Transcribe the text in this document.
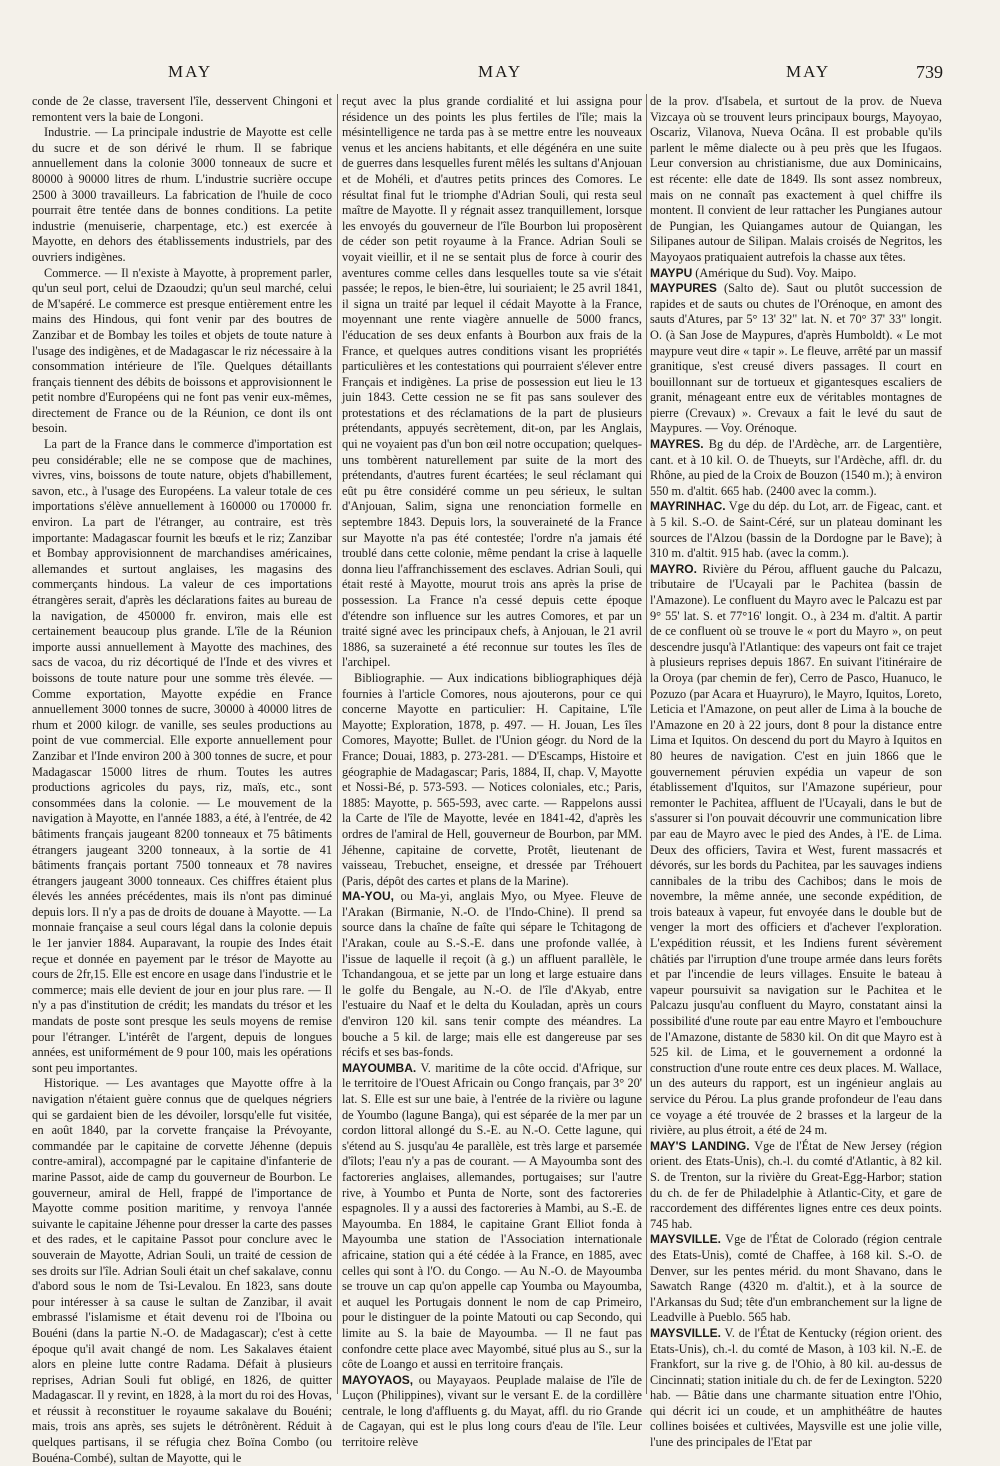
MAY	MAY	MAY	739

conde de 2e classe, traversent l'île, desservent Chingoni et remontent vers la baie de Longoni.

Industrie. — La principale industrie de Mayotte est celle du sucre et de son dérivé le rhum. Il se fabrique annuellement dans la colonie 3000 tonneaux de sucre et 80000 à 90000 litres de rhum. L'industrie sucrière occupe 2500 à 3000 travailleurs. La fabrication de l'huile de coco pourrait être tentée dans de bonnes conditions. La petite industrie (menuiserie, charpentage, etc.) est exercée à Mayotte, en dehors des établissements industriels, par des ouvriers indigènes.

Commerce. — Il n'existe à Mayotte, à proprement parler, qu'un seul port, celui de Dzaoudzi; qu'un seul marché, celui de M'sapéré. Le commerce est presque entièrement entre les mains des Hindous, qui font venir par des boutres de Zanzibar et de Bombay les toiles et objets de toute nature à l'usage des indigènes, et de Madagascar le riz nécessaire à la consommation intérieure de l'île. Quelques détaillants français tiennent des débits de boissons et approvisionnent le petit nombre d'Européens qui ne font pas venir eux-mêmes, directement de France ou de la Réunion, ce dont ils ont besoin.

La part de la France dans le commerce d'importation est peu considérable; elle ne se compose que de machines, vivres, vins, boissons de toute nature, objets d'habillement, savon, etc., à l'usage des Européens. La valeur totale de ces importations s'élève annuellement à 160000 ou 170000 fr. environ. La part de l'étranger, au contraire, est très importante: Madagascar fournit les bœufs et le riz; Zanzibar et Bombay approvisionnent de marchandises américaines, allemandes et surtout anglaises, les magasins des commerçants hindous. La valeur de ces importations étrangères serait, d'après les déclarations faites au bureau de la navigation, de 450000 fr. environ, mais elle est certainement beaucoup plus grande. L'île de la Réunion importe aussi annuellement à Mayotte des machines, des sacs de vacoa, du riz décortiqué de l'Inde et des vivres et boissons de toute nature pour une somme très élevée. — Comme exportation, Mayotte expédie en France annuellement 3000 tonnes de sucre, 30000 à 40000 litres de rhum et 2000 kilogr. de vanille, ses seules productions au point de vue commercial. Elle exporte annuellement pour Zanzibar et l'Inde environ 200 à 300 tonnes de sucre, et pour Madagascar 15000 litres de rhum. Toutes les autres productions agricoles du pays, riz, maïs, etc., sont consommées dans la colonie. — Le mouvement de la navigation à Mayotte, en l'année 1883, a été, à l'entrée, de 42 bâtiments français jaugeant 8200 tonneaux et 75 bâtiments étrangers jaugeant 3200 tonneaux, à la sortie de 41 bâtiments français portant 7500 tonneaux et 78 navires étrangers jaugeant 3000 tonneaux. Ces chiffres étaient plus élevés les années précédentes, mais ils n'ont pas diminué depuis lors. Il n'y a pas de droits de douane à Mayotte. — La monnaie française a seul cours légal dans la colonie depuis le 1er janvier 1884. Auparavant, la roupie des Indes était reçue et donnée en payement par le trésor de Mayotte au cours de 2fr,15. Elle est encore en usage dans l'industrie et le commerce; mais elle devient de jour en jour plus rare. — Il n'y a pas d'institution de crédit; les mandats du trésor et les mandats de poste sont presque les seuls moyens de remise pour l'étranger. L'intérêt de l'argent, depuis de longues années, est uniformément de 9 pour 100, mais les opérations sont peu importantes.

Historique. — Les avantages que Mayotte offre à la navigation n'étaient guère connus que de quelques négriers qui se gardaient bien de les dévoiler, lorsqu'elle fut visitée, en août 1840, par la corvette française la Prévoyante, commandée par le capitaine de corvette Jéhenne (depuis contre-amiral), accompagné par le capitaine d'infanterie de marine Passot, aide de camp du gouverneur de Bourbon. Le gouverneur, amiral de Hell, frappé de l'importance de Mayotte comme position maritime, y renvoya l'année suivante le capitaine Jéhenne pour dresser la carte des passes et des rades, et le capitaine Passot pour conclure avec le souverain de Mayotte, Adrian Souli, un traité de cession de ses droits sur l'île. Adrian Souli était un chef sakalave, connu d'abord sous le nom de Tsi-Levalou. En 1823, sans doute pour intéresser à sa cause le sultan de Zanzibar, il avait embrassé l'islamisme et était devenu roi de l'Iboina ou Bouéni (dans la partie N.-O. de Madagascar); c'est à cette époque qu'il avait changé de nom. Les Sakalaves étaient alors en pleine lutte contre Radama. Défait à plusieurs reprises, Adrian Souli fut obligé, en 1826, de quitter Madagascar. Il y revint, en 1828, à la mort du roi des Hovas, et réussit à reconstituer le royaume sakalave du Bouéni; mais, trois ans après, ses sujets le détrônèrent. Réduit à quelques partisans, il se réfugia chez Boïna Combo (ou Bouéna-Combé), sultan de Mayotte, qui le

reçut avec la plus grande cordialité et lui assigna pour résidence un des points les plus fertiles de l'île; mais la mésintelligence ne tarda pas à se mettre entre les nouveaux venus et les anciens habitants, et elle dégénéra en une suite de guerres dans lesquelles furent mêlés les sultans d'Anjouan et de Mohéli, et d'autres petits princes des Comores. Le résultat final fut le triomphe d'Adrian Souli, qui resta seul maître de Mayotte. Il y régnait assez tranquillement, lorsque les envoyés du gouverneur de l'île Bourbon lui proposèrent de céder son petit royaume à la France. Adrian Souli se voyait vieillir, et il ne se sentait plus de force à courir des aventures comme celles dans lesquelles toute sa vie s'était passée; le repos, le bien-être, lui souriaient; le 25 avril 1841, il signa un traité par lequel il cédait Mayotte à la France, moyennant une rente viagère annuelle de 5000 francs, l'éducation de ses deux enfants à Bourbon aux frais de la France, et quelques autres conditions visant les propriétés particulières et les contestations qui pourraient s'élever entre Français et indigènes. La prise de possession eut lieu le 13 juin 1843. Cette cession ne se fit pas sans soulever des protestations et des réclamations de la part de plusieurs prétendants, appuyés secrètement, dit-on, par les Anglais, qui ne voyaient pas d'un bon œil notre occupation; quelques-uns tombèrent naturellement par suite de la mort des prétendants, d'autres furent écartées; le seul réclamant qui eût pu être considéré comme un peu sérieux, le sultan d'Anjouan, Salim, signa une renonciation formelle en septembre 1843. Depuis lors, la souveraineté de la France sur Mayotte n'a pas été contestée; l'ordre n'a jamais été troublé dans cette colonie, même pendant la crise à laquelle donna lieu l'affranchissement des esclaves. Adrian Souli, qui était resté à Mayotte, mourut trois ans après la prise de possession. La France n'a cessé depuis cette époque d'étendre son influence sur les autres Comores, et par un traité signé avec les principaux chefs, à Anjouan, le 21 avril 1886, sa suzeraineté a été reconnue sur toutes les îles de l'archipel.

Bibliographie. — Aux indications bibliographiques déjà fournies à l'article Comores, nous ajouterons, pour ce qui concerne Mayotte en particulier: H. Capitaine, L'île Mayotte; Exploration, 1878, p. 497. — H. Jouan, Les îles Comores, Mayotte; Bullet. de l'Union géogr. du Nord de la France; Douai, 1883, p. 273-281. — D'Escamps, Histoire et géographie de Madagascar; Paris, 1884, II, chap. V, Mayotte et Nossi-Bé, p. 573-593. — Notices coloniales, etc.; Paris, 1885: Mayotte, p. 565-593, avec carte. — Rappelons aussi la Carte de l'île de Mayotte, levée en 1841-42, d'après les ordres de l'amiral de Hell, gouverneur de Bourbon, par MM. Jéhenne, capitaine de corvette, Protêt, lieutenant de vaisseau, Trebuchet, enseigne, et dressée par Tréhouert (Paris, dépôt des cartes et plans de la Marine).

MA-YOU, ou Ma-yi, anglais Myo, ou Myee. Fleuve de l'Arakan (Birmanie, N.-O. de l'Indo-Chine). Il prend sa source dans la chaîne de faîte qui sépare le Tchitagong de l'Arakan, coule au S.-S.-E. dans une profonde vallée, à l'issue de laquelle il reçoit (à g.) un affluent parallèle, le Tchandangoua, et se jette par un long et large estuaire dans le golfe du Bengale, au N.-O. de l'île d'Akyab, entre l'estuaire du Naaf et le delta du Kouladan, après un cours d'environ 120 kil. sans tenir compte des méandres. La bouche a 5 kil. de large; mais elle est dangereuse par ses récifs et ses bas-fonds.

MAYOUMBA. V. maritime de la côte occid. d'Afrique, sur le territoire de l'Ouest Africain ou Congo français, par 3° 20' lat. S. Elle est sur une baie, à l'entrée de la rivière ou lagune de Youmbo (lagune Banga), qui est séparée de la mer par un cordon littoral allongé du S.-E. au N.-O. Cette lagune, qui s'étend au S. jusqu'au 4e parallèle, est très large et parsemée d'îlots; l'eau n'y a pas de courant. — A Mayoumba sont des factoreries anglaises, allemandes, portugaises; sur l'autre rive, à Youmbo et Punta de Norte, sont des factoreries espagnoles. Il y a aussi des factoreries à Mambi, au S.-E. de Mayoumba. En 1884, le capitaine Grant Elliot fonda à Mayoumba une station de l'Association internationale africaine, station qui a été cédée à la France, en 1885, avec celles qui sont à l'O. du Congo. — Au N.-O. de Mayoumba se trouve un cap qu'on appelle cap Youmba ou Mayoumba, et auquel les Portugais donnent le nom de cap Primeiro, pour le distinguer de la pointe Matouti ou cap Secondo, qui limite au S. la baie de Mayoumba. — Il ne faut pas confondre cette place avec Mayombé, situé plus au S., sur la côte de Loango et aussi en territoire français.

MAYOYAOS, ou Mayayaos. Peuplade malaise de l'île de Luçon (Philippines), vivant sur le versant E. de la cordillère centrale, le long d'affluents g. du Mayat, affl. du rio Grande de Cagayan, qui est le plus long cours d'eau de l'île. Leur territoire relève

de la prov. d'Isabela, et surtout de la prov. de Nueva Vizcaya où se trouvent leurs principaux bourgs, Mayoyao, Oscariz, Vilanova, Nueva Ocâna. Il est probable qu'ils parlent le même dialecte ou à peu près que les Ifugaos. Leur conversion au christianisme, due aux Dominicains, est récente: elle date de 1849. Ils sont assez nombreux, mais on ne connaît pas exactement à quel chiffre ils montent. Il convient de leur rattacher les Pungianes autour de Pungian, les Quiangames autour de Quiangan, les Silipanes autour de Silipan. Malais croisés de Negritos, les Mayoyaos pratiquaient autrefois la chasse aux têtes.

MAYPU (Amérique du Sud). Voy. Maipo.

MAYPURES (Salto de). Saut ou plutôt succession de rapides et de sauts ou chutes de l'Orénoque, en amont des sauts d'Atures, par 5° 13' 32" lat. N. et 70° 37' 33" longit. O. (à San Jose de Maypures, d'après Humboldt). « Le mot maypure veut dire « tapir ». Le fleuve, arrêté par un massif granitique, s'est creusé divers passages. Il court en bouillonnant sur de tortueux et gigantesques escaliers de granit, ménageant entre eux de véritables montagnes de pierre (Crevaux) ». Crevaux a fait le levé du saut de Maypures. — Voy. Orénoque.

MAYRES. Bg du dép. de l'Ardèche, arr. de Largentière, cant. et à 10 kil. O. de Thueyts, sur l'Ardèche, affl. dr. du Rhône, au pied de la Croix de Bouzon (1540 m.); à environ 550 m. d'altit. 665 hab. (2400 avec la comm.).

MAYRINHAC. Vge du dép. du Lot, arr. de Figeac, cant. et à 5 kil. S.-O. de Saint-Céré, sur un plateau dominant les sources de l'Alzou (bassin de la Dordogne par le Bave); à 310 m. d'altit. 915 hab. (avec la comm.).

MAYRO. Rivière du Pérou, affluent gauche du Palcazu, tributaire de l'Ucayali par le Pachitea (bassin de l'Amazone). Le confluent du Mayro avec le Palcazu est par 9° 55' lat. S. et 77°16' longit. O., à 234 m. d'altit. A partir de ce confluent où se trouve le « port du Mayro », on peut descendre jusqu'à l'Atlantique: des vapeurs ont fait ce trajet à plusieurs reprises depuis 1867. En suivant l'itinéraire de la Oroya (par chemin de fer), Cerro de Pasco, Huanuco, le Pozuzo (par Acara et Huayruro), le Mayro, Iquitos, Loreto, Leticia et l'Amazone, on peut aller de Lima à la bouche de l'Amazone en 20 à 22 jours, dont 8 pour la distance entre Lima et Iquitos. On descend du port du Mayro à Iquitos en 80 heures de navigation. C'est en juin 1866 que le gouvernement péruvien expédia un vapeur de son établissement d'Iquitos, sur l'Amazone supérieur, pour remonter le Pachitea, affluent de l'Ucayali, dans le but de s'assurer si l'on pouvait découvrir une communication libre par eau de Mayro avec le pied des Andes, à l'E. de Lima. Deux des officiers, Tavira et West, furent massacrés et dévorés, sur les bords du Pachitea, par les sauvages indiens cannibales de la tribu des Cachibos; dans le mois de novembre, la même année, une seconde expédition, de trois bateaux à vapeur, fut envoyée dans le double but de venger la mort des officiers et d'achever l'exploration. L'expédition réussit, et les Indiens furent sévèrement châtiés par l'irruption d'une troupe armée dans leurs forêts et par l'incendie de leurs villages. Ensuite le bateau à vapeur poursuivit sa navigation sur le Pachitea et le Palcazu jusqu'au confluent du Mayro, constatant ainsi la possibilité d'une route par eau entre Mayro et l'embouchure de l'Amazone, distante de 5830 kil. On dit que Mayro est à 525 kil. de Lima, et le gouvernement a ordonné la construction d'une route entre ces deux places. M. Wallace, un des auteurs du rapport, est un ingénieur anglais au service du Pérou. La plus grande profondeur de l'eau dans ce voyage a été trouvée de 2 brasses et la largeur de la rivière, au plus étroit, a été de 24 m.

MAY'S LANDING. Vge de l'État de New Jersey (région orient. des Etats-Unis), ch.-l. du comté d'Atlantic, à 82 kil. S. de Trenton, sur la rivière du Great-Egg-Harbor; station du ch. de fer de Philadelphie à Atlantic-City, et gare de raccordement des différentes lignes entre ces deux points. 745 hab.

MAYSVILLE. Vge de l'État de Colorado (région centrale des Etats-Unis), comté de Chaffee, à 168 kil. S.-O. de Denver, sur les pentes mérid. du mont Shavano, dans le Sawatch Range (4320 m. d'altit.), et à la source de l'Arkansas du Sud; tête d'un embranchement sur la ligne de Leadville à Pueblo. 565 hab.

MAYSVILLE. V. de l'État de Kentucky (région orient. des Etats-Unis), ch.-l. du comté de Mason, à 103 kil. N.-E. de Frankfort, sur la rive g. de l'Ohio, à 80 kil. au-dessus de Cincinnati; station initiale du ch. de fer de Lexington. 5220 hab. — Bâtie dans une charmante situation entre l'Ohio, qui décrit ici un coude, et un amphithéâtre de hautes collines boisées et cultivées, Maysville est une jolie ville, l'une des principales de l'Etat par
